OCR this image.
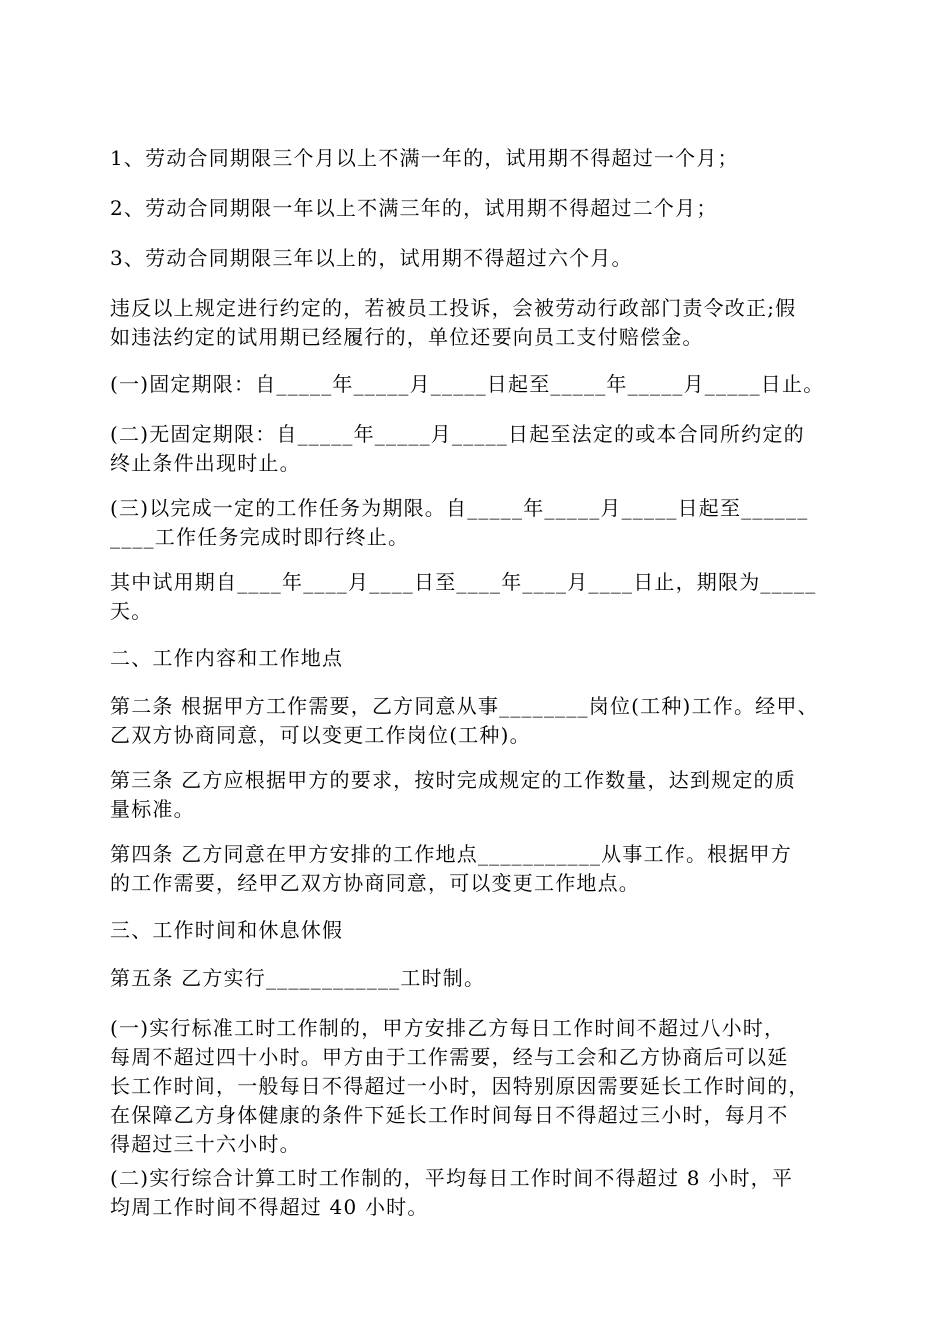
1、劳动合同期限三个月以上不满一年的，试用期不得超过一个月；

2、劳动合同期限一年以上不满三年的，试用期不得超过二个月；

3、劳动合同期限三年以上的，试用期不得超过六个月。

违反以上规定进行约定的，若被员工投诉，会被劳动行政部门责令改正;假
如违法约定的试用期已经履行的，单位还要向员工支付赔偿金。

(一)固定期限：自_____年_____月_____日起至_____年_____月_____日止。

(二)无固定期限：自_____年_____月_____日起至法定的或本合同所约定的
终止条件出现时止。

(三)以完成一定的工作任务为期限。自_____年_____月_____日起至______
____工作任务完成时即行终止。

其中试用期自____年____月____日至____年____月____日止，期限为_____
天。

二、工作内容和工作地点

第二条 根据甲方工作需要，乙方同意从事________岗位(工种)工作。经甲、
乙双方协商同意，可以变更工作岗位(工种)。

第三条 乙方应根据甲方的要求，按时完成规定的工作数量，达到规定的质
量标准。

第四条 乙方同意在甲方安排的工作地点___________从事工作。根据甲方
的工作需要，经甲乙双方协商同意，可以变更工作地点。

三、工作时间和休息休假

第五条 乙方实行____________工时制。

(一)实行标准工时工作制的，甲方安排乙方每日工作时间不超过八小时，
每周不超过四十小时。甲方由于工作需要，经与工会和乙方协商后可以延
长工作时间，一般每日不得超过一小时，因特别原因需要延长工作时间的，
在保障乙方身体健康的条件下延长工作时间每日不得超过三小时，每月不
得超过三十六小时。

(二)实行综合计算工时工作制的，平均每日工作时间不得超过 8 小时，平
均周工作时间不得超过 40 小时。
